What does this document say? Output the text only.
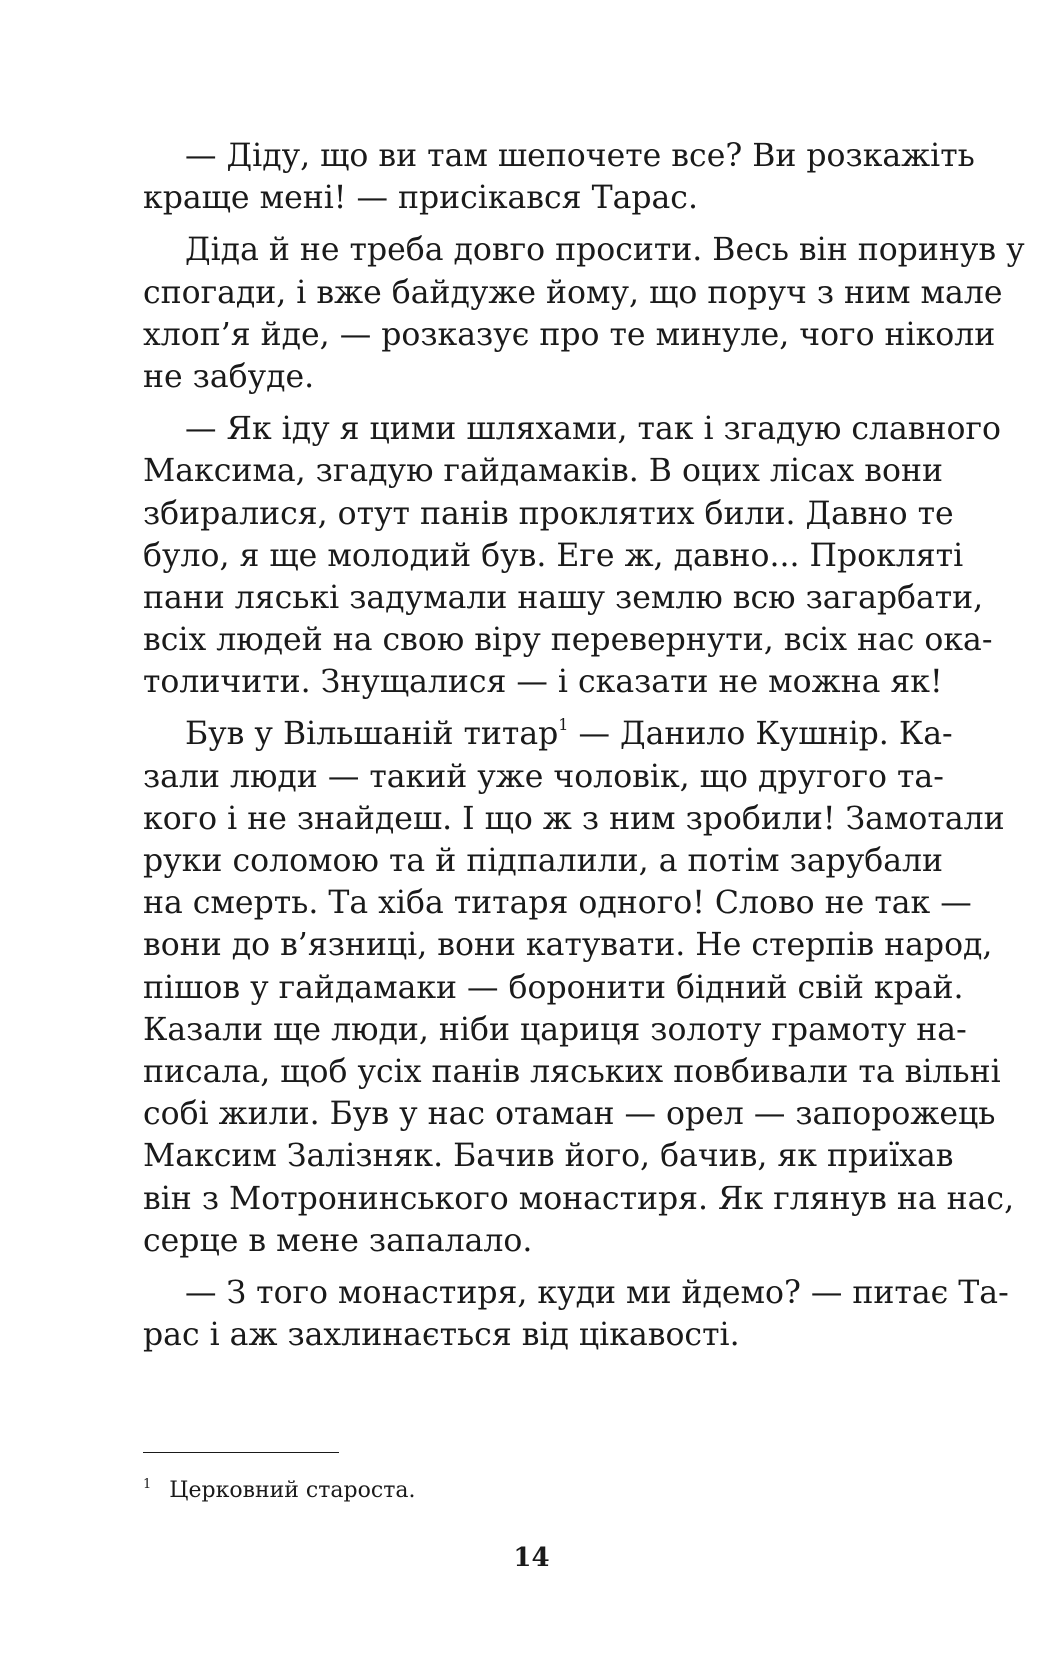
— Діду, що ви там шепочете все? Ви розкажіть
краще мені! — присікався Тарас.
Діда й не треба довго просити. Весь він поринув у
спогади, і вже байдуже йому, що поруч з ним мале
хлоп’я йде, — розказує про те минуле, чого ніколи
не забуде.
— Як іду я цими шляхами, так і згадую славного
Максима, згадую гайдамаків. В оцих лісах вони
збиралися, отут панів проклятих били. Давно те
було, я ще молодий був. Еге ж, давно... Прокляті
пани ляські задумали нашу землю всю загарбати,
всіх людей на свою віру перевернути, всіх нас ока-
толичити. Знущалися — і сказати не можна як!
Був у Вільшаній титар$^1$ — Данило Кушнір. Ка-
зали люди — такий уже чоловік, що другого та-
кого і не знайдеш. І що ж з ним зробили! Замотали
руки соломою та й підпалили, а потім зарубали
на смерть. Та хіба титаря одного! Слово не так —
вони до в’язниці, вони катувати. Не стерпів народ,
пішов у гайдамаки — боронити бідний свій край.
Казали ще люди, ніби цариця золоту грамоту на-
писала, щоб усіх панів ляських повбивали та вільні
собі жили. Був у нас отаман — орел — запорожець
Максим Залізняк. Бачив його, бачив, як приїхав
він з Мотронинського монастиря. Як глянув на нас,
серце в мене запалало.
— З того монастиря, куди ми йдемо? — питає Та-
рас і аж захлинається від цікавості.
$^1$ Церковний староста.
14
